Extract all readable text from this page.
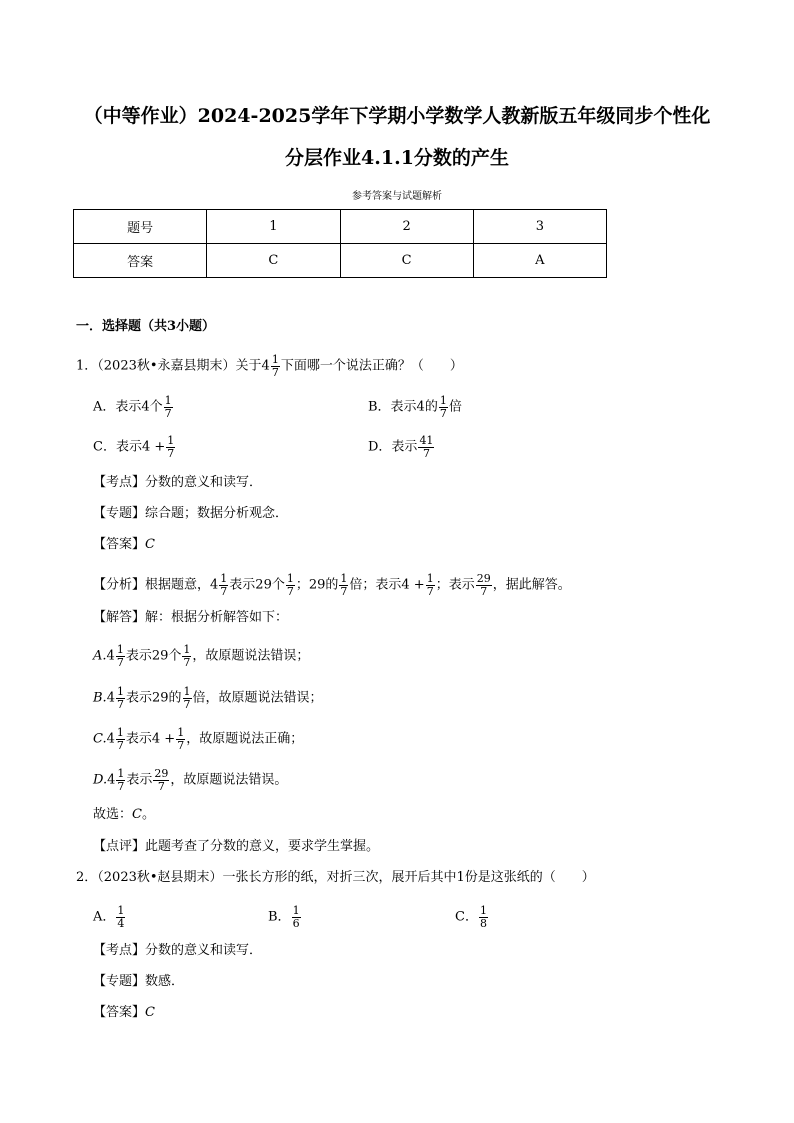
（中等作业）2024-2025学年下学期小学数学人教新版五年级同步个性化
分层作业4.1.1分数的产生
参考答案与试题解析
题号	1	2	3
答案	C	C	A
一．选择题（共3小题）
1．（2023秋•永嘉县期末）关于$4 \frac{1}{7}$ 下面哪一个说法正确？（　　）
A．表示4个 $\frac{1}{7}$	B．表示4的 $\frac{1}{7}$ 倍
C．表示$4 + \frac{1}{7}$	D．表示 $\frac{41}{7}$
【考点】分数的意义和读写．
【专题】综合题；数据分析观念．
【答案】C
【分析】根据题意，$4 \frac{1}{7}$ 表示29个 $\frac{1}{7}$ ；29的 $\frac{1}{7}$ 倍；表示$4 + \frac{1}{7}$ ；表示 $\frac{29}{7}$ ，据此解答。
【解答】解：根据分析解答如下：
$A.4 \frac{1}{7}$ 表示29个 $\frac{1}{7}$ ，故原题说法错误；
$B.4 \frac{1}{7}$ 表示29的 $\frac{1}{7}$ 倍，故原题说法错误；
$C.4 \frac{1}{7}$ 表示$4 + \frac{1}{7}$ ，故原题说法正确；
$D.4 \frac{1}{7}$ 表示 $\frac{29}{7}$ ，故原题说法错误。
故选：C。
【点评】此题考查了分数的意义，要求学生掌握。
2．（2023秋•赵县期末）一张长方形的纸，对折三次，展开后其中1份是这张纸的（　　）
A． $\frac{1}{4}$	B． $\frac{1}{6}$	C． $\frac{1}{8}$
【考点】分数的意义和读写．
【专题】数感．
【答案】C
